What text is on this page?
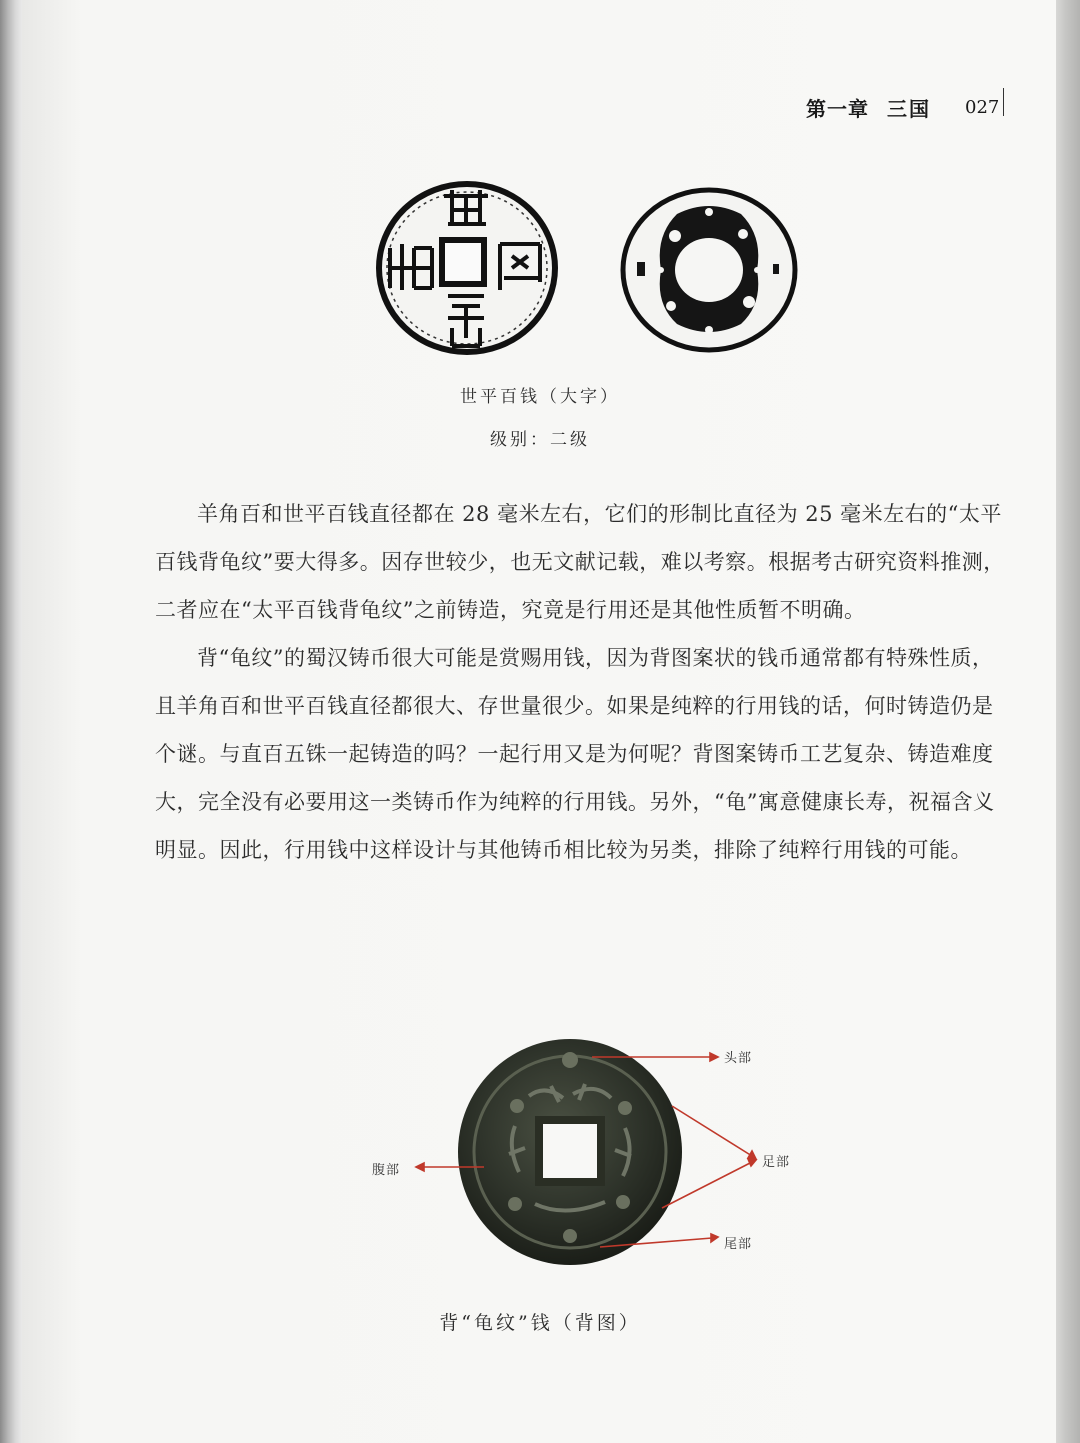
第一章 三国 027
世平百钱（大字）
级别：二级

羊角百和世平百钱直径都在 28 毫米左右，它们的形制比直径为 25 毫米左右的“太平百钱背龟纹”要大得多。因存世较少，也无文献记载，难以考察。根据考古研究资料推测，二者应在“太平百钱背龟纹”之前铸造，究竟是行用还是其他性质暂不明确。

背“龟纹”的蜀汉铸币很大可能是赏赐用钱，因为背图案状的钱币通常都有特殊性质，且羊角百和世平百钱直径都很大、存世量很少。如果是纯粹的行用钱的话，何时铸造仍是个谜。与直百五铢一起铸造的吗？一起行用又是为何呢？背图案铸币工艺复杂、铸造难度大，完全没有必要用这一类铸币作为纯粹的行用钱。另外，“龟”寓意健康长寿，祝福含义明显。因此，行用钱中这样设计与其他铸币相比较为另类，排除了纯粹行用钱的可能。

头部
腹部
足部
尾部
背“龟纹”钱（背图）
